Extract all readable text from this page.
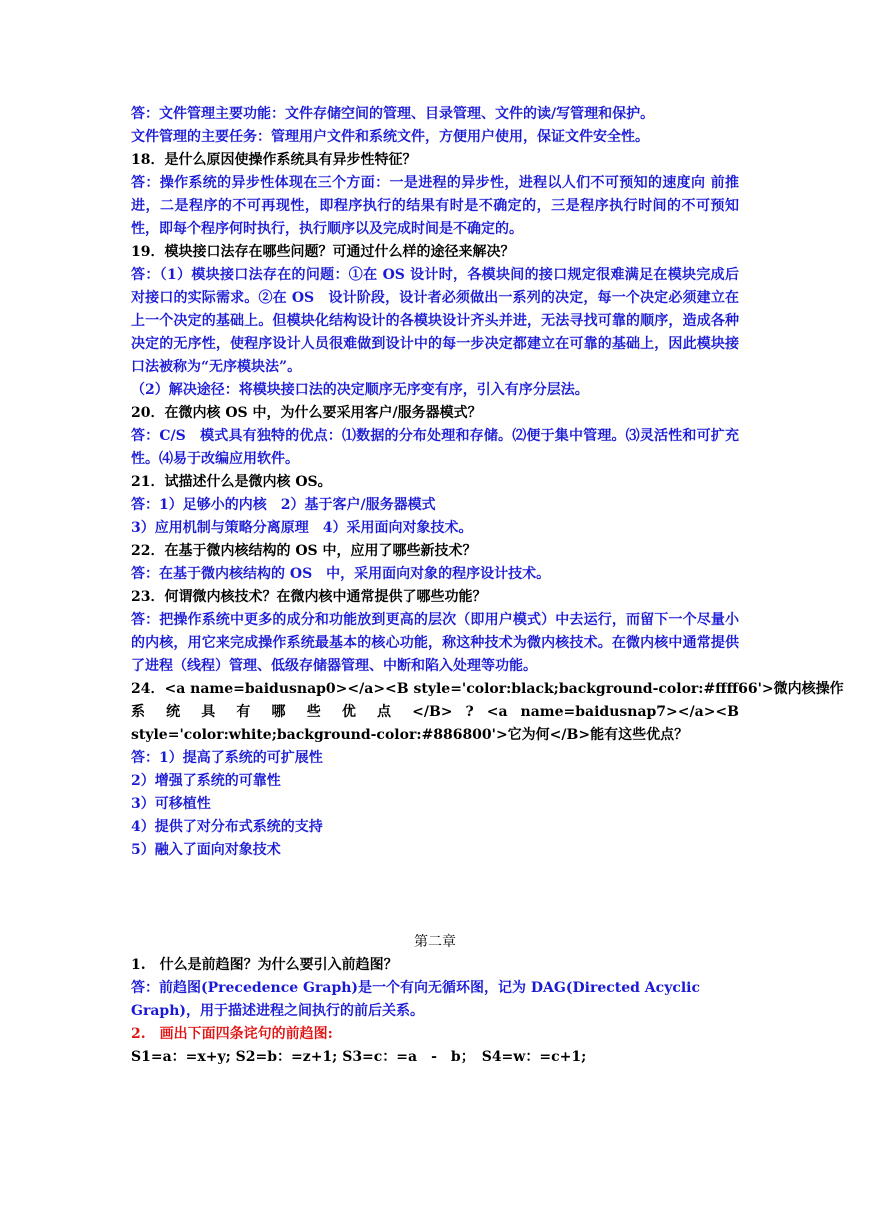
答：文件管理主要功能：文件存储空间的管理、目录管理、文件的读/写管理和保护。
文件管理的主要任务：管理用户文件和系统文件，方便用户使用，保证文件安全性。
18．是什么原因使操作系统具有异步性特征？
答：操作系统的异步性体现在三个方面：一是进程的异步性，进程以人们不可预知的速度向 前推进，二是程序的不可再现性，即程序执行的结果有时是不确定的，三是程序执行时间的不可预知性，即每个程序何时执行，执行顺序以及完成时间是不确定的。
19．模块接口法存在哪些问题？可通过什么样的途径来解决？
答：（1）模块接口法存在的问题：①在 OS 设计时，各模块间的接口规定很难满足在模块完成后对接口的实际需求。②在 OS　设计阶段，设计者必须做出一系列的决定，每一个决定必须建立在上一个决定的基础上。但模块化结构设计的各模块设计齐头并进，无法寻找可靠的顺序，造成各种决定的无序性，使程序设计人员很难做到设计中的每一步决定都建立在可靠的基础上，因此模块接口法被称为“无序模块法”。
（2）解决途径：将模块接口法的决定顺序无序变有序，引入有序分层法。
20．在微内核 OS 中，为什么要采用客户/服务器模式？
答：C/S　模式具有独特的优点：⑴数据的分布处理和存储。⑵便于集中管理。⑶灵活性和可扩充性。⑷易于改编应用软件。
21．试描述什么是微内核 OS。
答：1）足够小的内核　2）基于客户/服务器模式
3）应用机制与策略分离原理　4）采用面向对象技术。
22．在基于微内核结构的 OS 中，应用了哪些新技术？
答：在基于微内核结构的 OS　中，采用面向对象的程序设计技术。
23．何谓微内核技术？在微内核中通常提供了哪些功能？
答：把操作系统中更多的成分和功能放到更高的层次（即用户模式）中去运行，而留下一个尽量小的内核，用它来完成操作系统最基本的核心功能，称这种技术为微内核技术。在微内核中通常提供了进程（线程）管理、低级存储器管理、中断和陷入处理等功能。
24．<a name=baidusnap0></a><B style='color:black;background-color:#ffff66'>微内核操作
系 统 具 有 哪 些 优 点 </B> ? <a name=baidusnap7></a><B
style='color:white;background-color:#886800'>它为何</B>能有这些优点？
答：1）提高了系统的可扩展性
2）增强了系统的可靠性
3）可移植性
4）提供了对分布式系统的支持
5）融入了面向对象技术
第二章
1.　什么是前趋图？为什么要引入前趋图？
答：前趋图(Precedence Graph)是一个有向无循环图，记为 DAG(Directed Acyclic
Graph)，用于描述进程之间执行的前后关系。
2.　画出下面四条诧句的前趋图:
S1=a：=x+y; S2=b：=z+1; S3=c：=a　-　b；　S4=w：=c+1;
